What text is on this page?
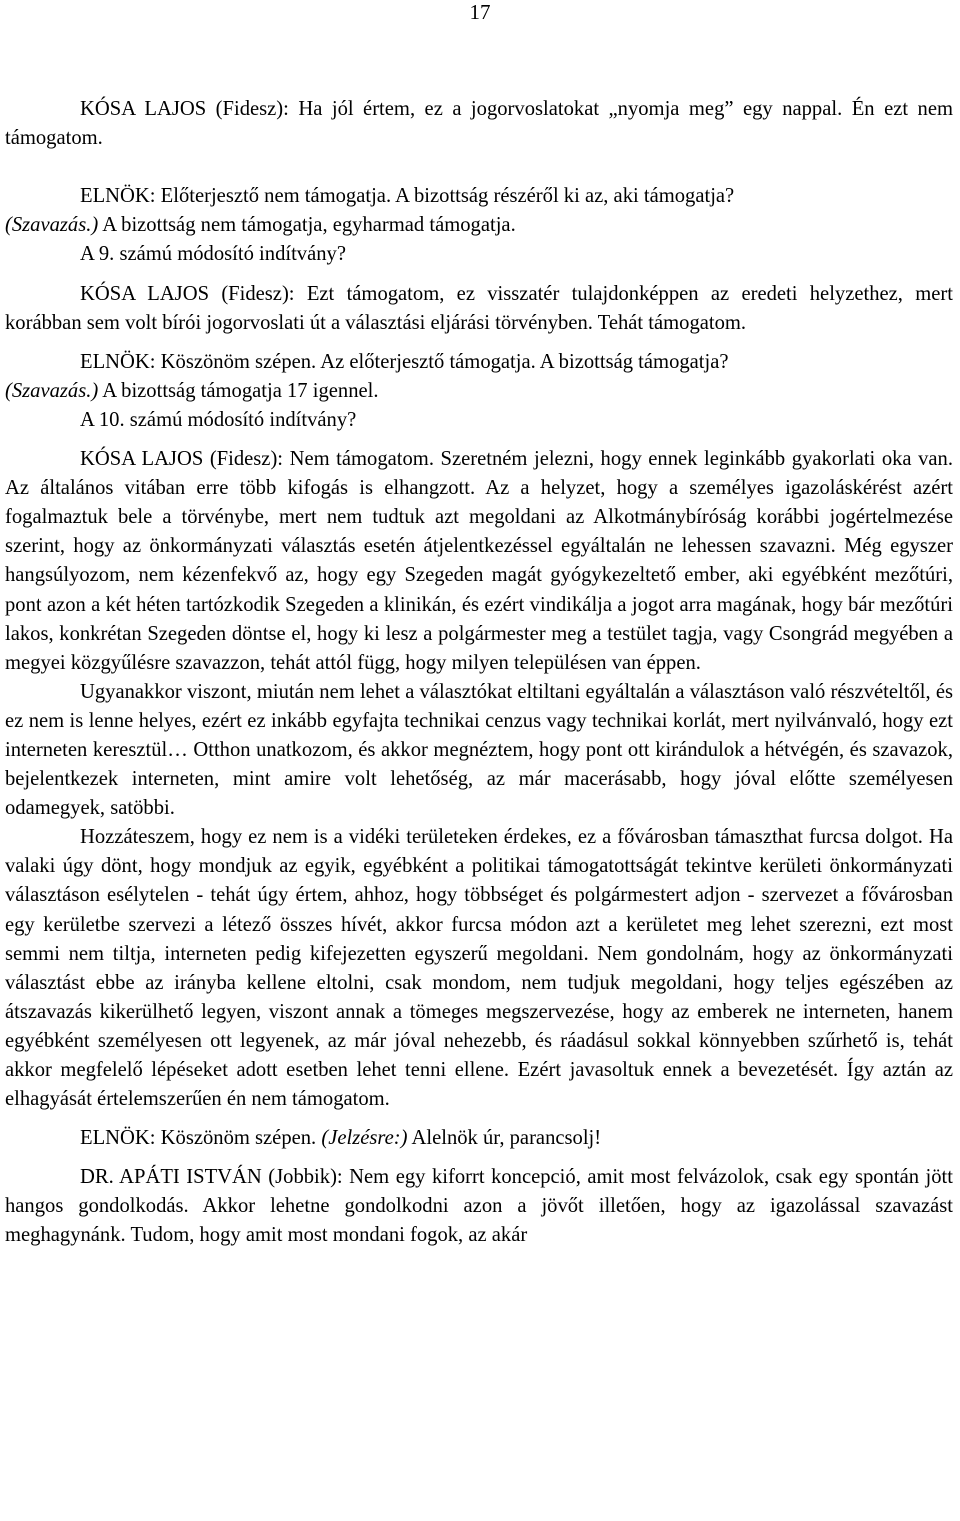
17

KÓSA LAJOS (Fidesz): Ha jól értem, ez a jogorvoslatokat „nyomja meg” egy nappal. Én ezt nem támogatom.

ELNÖK: Előterjesztő nem támogatja. A bizottság részéről ki az, aki támogatja?

(Szavazás.) A bizottság nem támogatja, egyharmad támogatja.

A 9. számú módosító indítvány?

KÓSA LAJOS (Fidesz): Ezt támogatom, ez visszatér tulajdonképpen az eredeti helyzethez, mert korábban sem volt bírói jogorvoslati út a választási eljárási törvényben. Tehát támogatom.

ELNÖK: Köszönöm szépen. Az előterjesztő támogatja. A bizottság támogatja?

(Szavazás.) A bizottság támogatja 17 igennel.

A 10. számú módosító indítvány?

KÓSA LAJOS (Fidesz): Nem támogatom. Szeretném jelezni, hogy ennek leginkább gyakorlati oka van. Az általános vitában erre több kifogás is elhangzott. Az a helyzet, hogy a személyes igazoláskérést azért fogalmaztuk bele a törvénybe, mert nem tudtuk azt megoldani az Alkotmánybíróság korábbi jogértelmezése szerint, hogy az önkormányzati választás esetén átjelentkezéssel egyáltalán ne lehessen szavazni. Még egyszer hangsúlyozom, nem kézenfekvő az, hogy egy Szegeden magát gyógykezeltető ember, aki egyébként mezőtúri, pont azon a két héten tartózkodik Szegeden a klinikán, és ezért vindikálja a jogot arra magának, hogy bár mezőtúri lakos, konkrétan Szegeden döntse el, hogy ki lesz a polgármester meg a testület tagja, vagy Csongrád megyében a megyei közgyűlésre szavazzon, tehát attól függ, hogy milyen településen van éppen.

Ugyanakkor viszont, miután nem lehet a választókat eltiltani egyáltalán a választáson való részvételtől, és ez nem is lenne helyes, ezért ez inkább egyfajta technikai cenzus vagy technikai korlát, mert nyilvánvaló, hogy ezt interneten keresztül… Otthon unatkozom, és akkor megnéztem, hogy pont ott kirándulok a hétvégén, és szavazok, bejelentkezek interneten, mint amire volt lehetőség, az már macerásabb, hogy jóval előtte személyesen odamegyek, satöbbi.

Hozzáteszem, hogy ez nem is a vidéki területeken érdekes, ez a fővárosban támaszthat furcsa dolgot. Ha valaki úgy dönt, hogy mondjuk az egyik, egyébként a politikai támogatottságát tekintve kerületi önkormányzati választáson esélytelen - tehát úgy értem, ahhoz, hogy többséget és polgármestert adjon - szervezet a fővárosban egy kerületbe szervezi a létező összes hívét, akkor furcsa módon azt a kerületet meg lehet szerezni, ezt most semmi nem tiltja, interneten pedig kifejezetten egyszerű megoldani. Nem gondolnám, hogy az önkormányzati választást ebbe az irányba kellene eltolni, csak mondom, nem tudjuk megoldani, hogy teljes egészében az átszavazás kikerülhető legyen, viszont annak a tömeges megszervezése, hogy az emberek ne interneten, hanem egyébként személyesen ott legyenek, az már jóval nehezebb, és ráadásul sokkal könnyebben szűrhető is, tehát akkor megfelelő lépéseket adott esetben lehet tenni ellene. Ezért javasoltuk ennek a bevezetését. Így aztán az elhagyását értelemszerűen én nem támogatom.

ELNÖK: Köszönöm szépen. (Jelzésre:) Alelnök úr, parancsolj!

DR. APÁTI ISTVÁN (Jobbik): Nem egy kiforrt koncepció, amit most felvázolok, csak egy spontán jött hangos gondolkodás. Akkor lehetne gondolkodni azon a jövőt illetően, hogy az igazolással szavazást meghagynánk. Tudom, hogy amit most mondani fogok, az akár
